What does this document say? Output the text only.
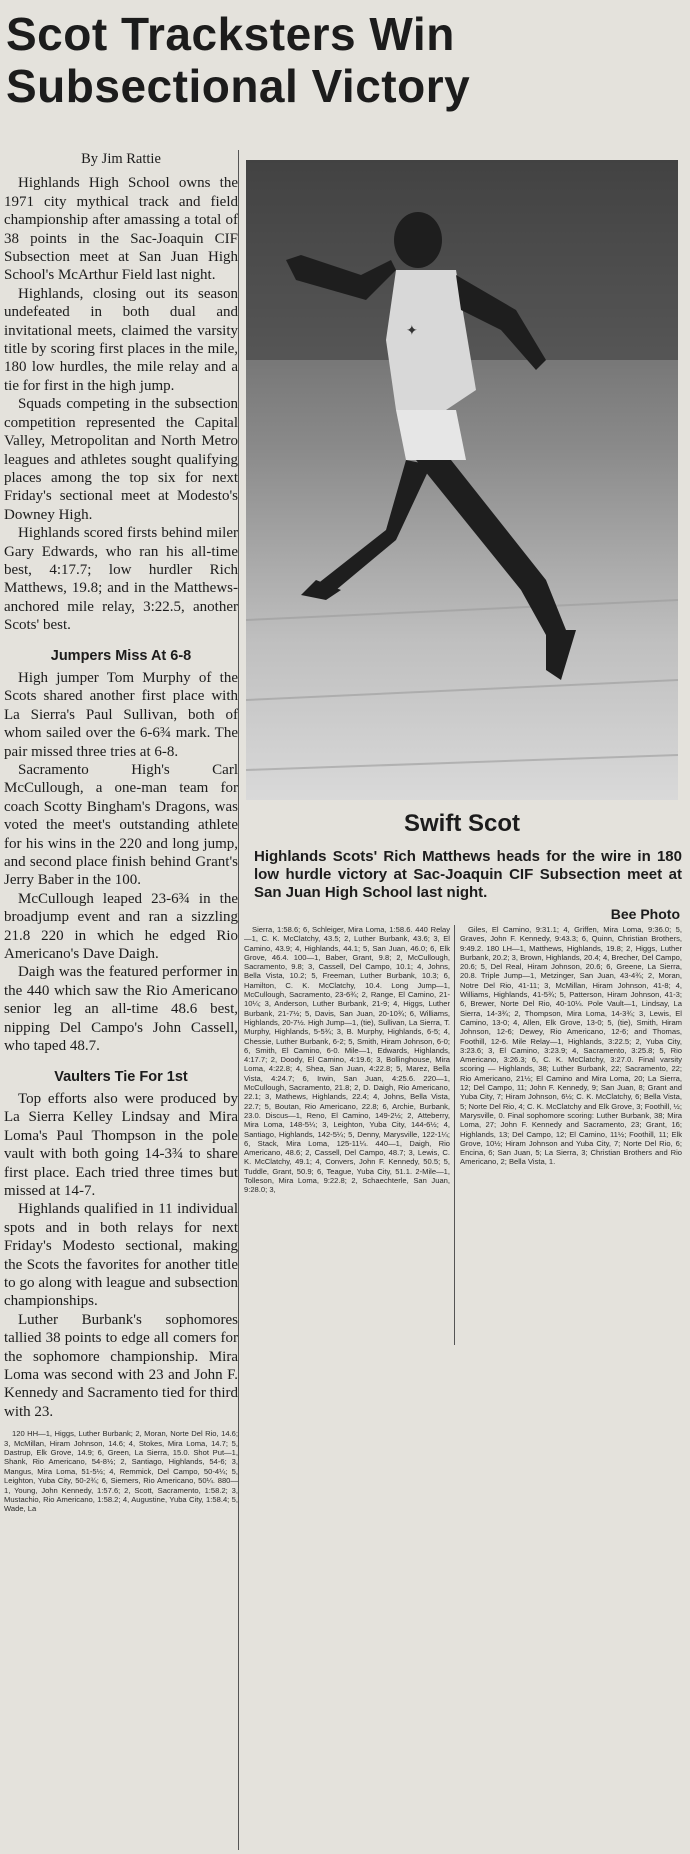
Scot Tracksters Win
Subsectional Victory

By Jim Rattie

Highlands High School owns the 1971 city mythical track and field championship after amassing a total of 38 points in the Sac-Joaquin CIF Subsection meet at San Juan High School's McArthur Field last night.

Highlands, closing out its season undefeated in both dual and invitational meets, claimed the varsity title by scoring first places in the mile, 180 low hurdles, the mile relay and a tie for first in the high jump.

Squads competing in the subsection competition represented the Capital Valley, Metropolitan and North Metro leagues and athletes sought qualifying places among the top six for next Friday's sectional meet at Modesto's Downey High.

Highlands scored firsts behind miler Gary Edwards, who ran his all-time best, 4:17.7; low hurdler Rich Matthews, 19.8; and in the Matthews-anchored mile relay, 3:22.5, another Scots' best.

Jumpers Miss At 6-8

High jumper Tom Murphy of the Scots shared another first place with La Sierra's Paul Sullivan, both of whom sailed over the 6-6¾ mark. The pair missed three tries at 6-8.

Sacramento High's Carl McCullough, a one-man team for coach Scotty Bingham's Dragons, was voted the meet's outstanding athlete for his wins in the 220 and long jump, and second place finish behind Grant's Jerry Baber in the 100.

McCullough leaped 23-6¾ in the broadjump event and ran a sizzling 21.8 220 in which he edged Rio Americano's Dave Daigh.

Daigh was the featured performer in the 440 which saw the Rio Americano senior leg an all-time 48.6 best, nipping Del Campo's John Cassell, who taped 48.7.

Vaulters Tie For 1st

Top efforts also were produced by La Sierra Kelley Lindsay and Mira Loma's Paul Thompson in the pole vault with both going 14-3¾ to share first place. Each tried three times but missed at 14-7.

Highlands qualified in 11 individual spots and in both relays for next Friday's Modesto sectional, making the Scots the favorites for another title to go along with league and subsection championships.

Luther Burbank's sophomores tallied 38 points to edge all comers for the sophomore championship. Mira Loma was second with 23 and John F. Kennedy and Sacramento tied for third with 23.

120 HH—1, Higgs, Luther Burbank; 2, Moran, Norte Del Rio, 14.6; 3, McMillan, Hiram Johnson, 14.6; 4, Stokes, Mira Loma, 14.7; 5, Dastrup, Elk Grove, 14.9; 6, Green, La Sierra, 15.0. Shot Put—1, Shank, Rio Americano, 54-8½; 2, Santiago, Highlands, 54-6; 3, Mangus, Mira Loma, 51-5½; 4, Remmick, Del Campo, 50-4¼; 5, Leighton, Yuba City, 50-2¾; 6, Siemers, Rio Americano, 50¼. 880—1, Young, John Kennedy, 1:57.6; 2, Scott, Sacramento, 1:58.2; 3, Mustachio, Rio Americano, 1:58.2; 4, Augustine, Yuba City, 1:58.4; 5, Wade, La

✦
Swift Scot

Highlands Scots' Rich Matthews heads for the wire in 180 low hurdle victory at Sac-Joaquin CIF Subsection meet at San Juan High School last night.

Bee Photo

Sierra, 1:58.6; 6, Schleiger, Mira Loma, 1:58.6. 440 Relay—1, C. K. McClatchy, 43.5; 2, Luther Burbank, 43.6; 3, El Camino, 43.9; 4, Highlands, 44.1; 5, San Juan, 46.0; 6, Elk Grove, 46.4. 100—1, Baber, Grant, 9.8; 2, McCullough, Sacramento, 9.8; 3, Cassell, Del Campo, 10.1; 4, Johns, Bella Vista, 10.2; 5, Freeman, Luther Burbank, 10.3; 6, Hamilton, C. K. McClatchy, 10.4. Long Jump—1, McCullough, Sacramento, 23-6¾; 2, Range, El Camino, 21-10¼; 3, Anderson, Luther Burbank, 21-9; 4, Higgs, Luther Burbank, 21-7½; 5, Davis, San Juan, 20-10¾; 6, Williams, Highlands, 20-7½. High Jump—1, (tie), Sullivan, La Sierra, T. Murphy, Highlands, 5-5¾; 3, B. Murphy, Highlands, 6-5; 4, Chessie, Luther Burbank, 6-2; 5, Smith, Hiram Johnson, 6-0; 6, Smith, El Camino, 6-0. Mile—1, Edwards, Highlands, 4:17.7; 2, Doody, El Camino, 4:19.6; 3, Bollinghouse, Mira Loma, 4:22.8; 4, Shea, San Juan, 4:22.8; 5, Marez, Bella Vista, 4:24.7; 6, Irwin, San Juan, 4:25.6. 220—1, McCullough, Sacramento, 21.8; 2, D. Daigh, Rio Americano, 22.1; 3, Mathews, Highlands, 22.4; 4, Johns, Bella Vista, 22.7; 5, Boutan, Rio Americano, 22.8; 6, Archie, Burbank, 23.0. Discus—1, Reno, El Camino, 149-2½; 2, Atteberry, Mira Loma, 148-5¼; 3, Leighton, Yuba City, 144-6½; 4, Santiago, Highlands, 142-5¼; 5, Denny, Marysville, 122-1¼; 6, Stack, Mira Loma, 125-11¼. 440—1, Daigh, Rio Americano, 48.6; 2, Cassell, Del Campo, 48.7; 3, Lewis, C. K. McClatchy, 49.1; 4, Convers, John F. Kennedy, 50.5; 5, Tuddle, Grant, 50.9; 6, Teague, Yuba City, 51.1. 2-Mile—1, Tolleson, Mira Loma, 9:22.8; 2, Schaechterle, San Juan, 9:28.0; 3,

Giles, El Camino, 9:31.1; 4, Griffen, Mira Loma, 9:36.0; 5, Graves, John F. Kennedy, 9:43.3; 6, Quinn, Christian Brothers, 9:49.2. 180 LH—1, Matthews, Highlands, 19.8; 2, Higgs, Luther Burbank, 20.2; 3, Brown, Highlands, 20.4; 4, Brecher, Del Campo, 20.6; 5, Del Real, Hiram Johnson, 20.6; 6, Greene, La Sierra, 20.8. Triple Jump—1, Metzinger, San Juan, 43-4¾; 2, Moran, Notre Del Rio, 41-11; 3, McMillan, Hiram Johnson, 41-8; 4, Williams, Highlands, 41-5¾; 5, Patterson, Hiram Johnson, 41-3; 6, Brewer, Norte Del Rio, 40-10¼. Pole Vault—1, Lindsay, La Sierra, 14-3¾; 2, Thompson, Mira Loma, 14-3¾; 3, Lewis, El Camino, 13-0; 4, Allen, Elk Grove, 13-0; 5, (tie), Smith, Hiram Johnson, 12-6; Dewey, Rio Americano, 12-6; and Thomas, Foothill, 12-6. Mile Relay—1, Highlands, 3:22.5; 2, Yuba City, 3:23.6; 3, El Camino, 3:23.9; 4, Sacramento, 3:25.8; 5, Rio Americano, 3:26.3; 6, C. K. McClatchy, 3:27.0. Final varsity scoring — Highlands, 38; Luther Burbank, 22; Sacramento, 22; Rio Americano, 21½; El Camino and Mira Loma, 20; La Sierra, 12; Del Campo, 11; John F. Kennedy, 9; San Juan, 8; Grant and Yuba City, 7; Hiram Johnson, 6½; C. K. McClatchy, 6; Bella Vista, 5; Norte Del Rio, 4; C. K. McClatchy and Elk Grove, 3; Foothill, ½; Marysville, 0. Final sophomore scoring: Luther Burbank, 38; Mira Loma, 27; John F. Kennedy and Sacramento, 23; Grant, 16; Highlands, 13; Del Campo, 12; El Camino, 11½; Foothill, 11; Elk Grove, 10½; Hiram Johnson and Yuba City, 7; Norte Del Rio, 6; Encina, 6; San Juan, 5; La Sierra, 3; Christian Brothers and Rio Americano, 2; Bella Vista, 1.
